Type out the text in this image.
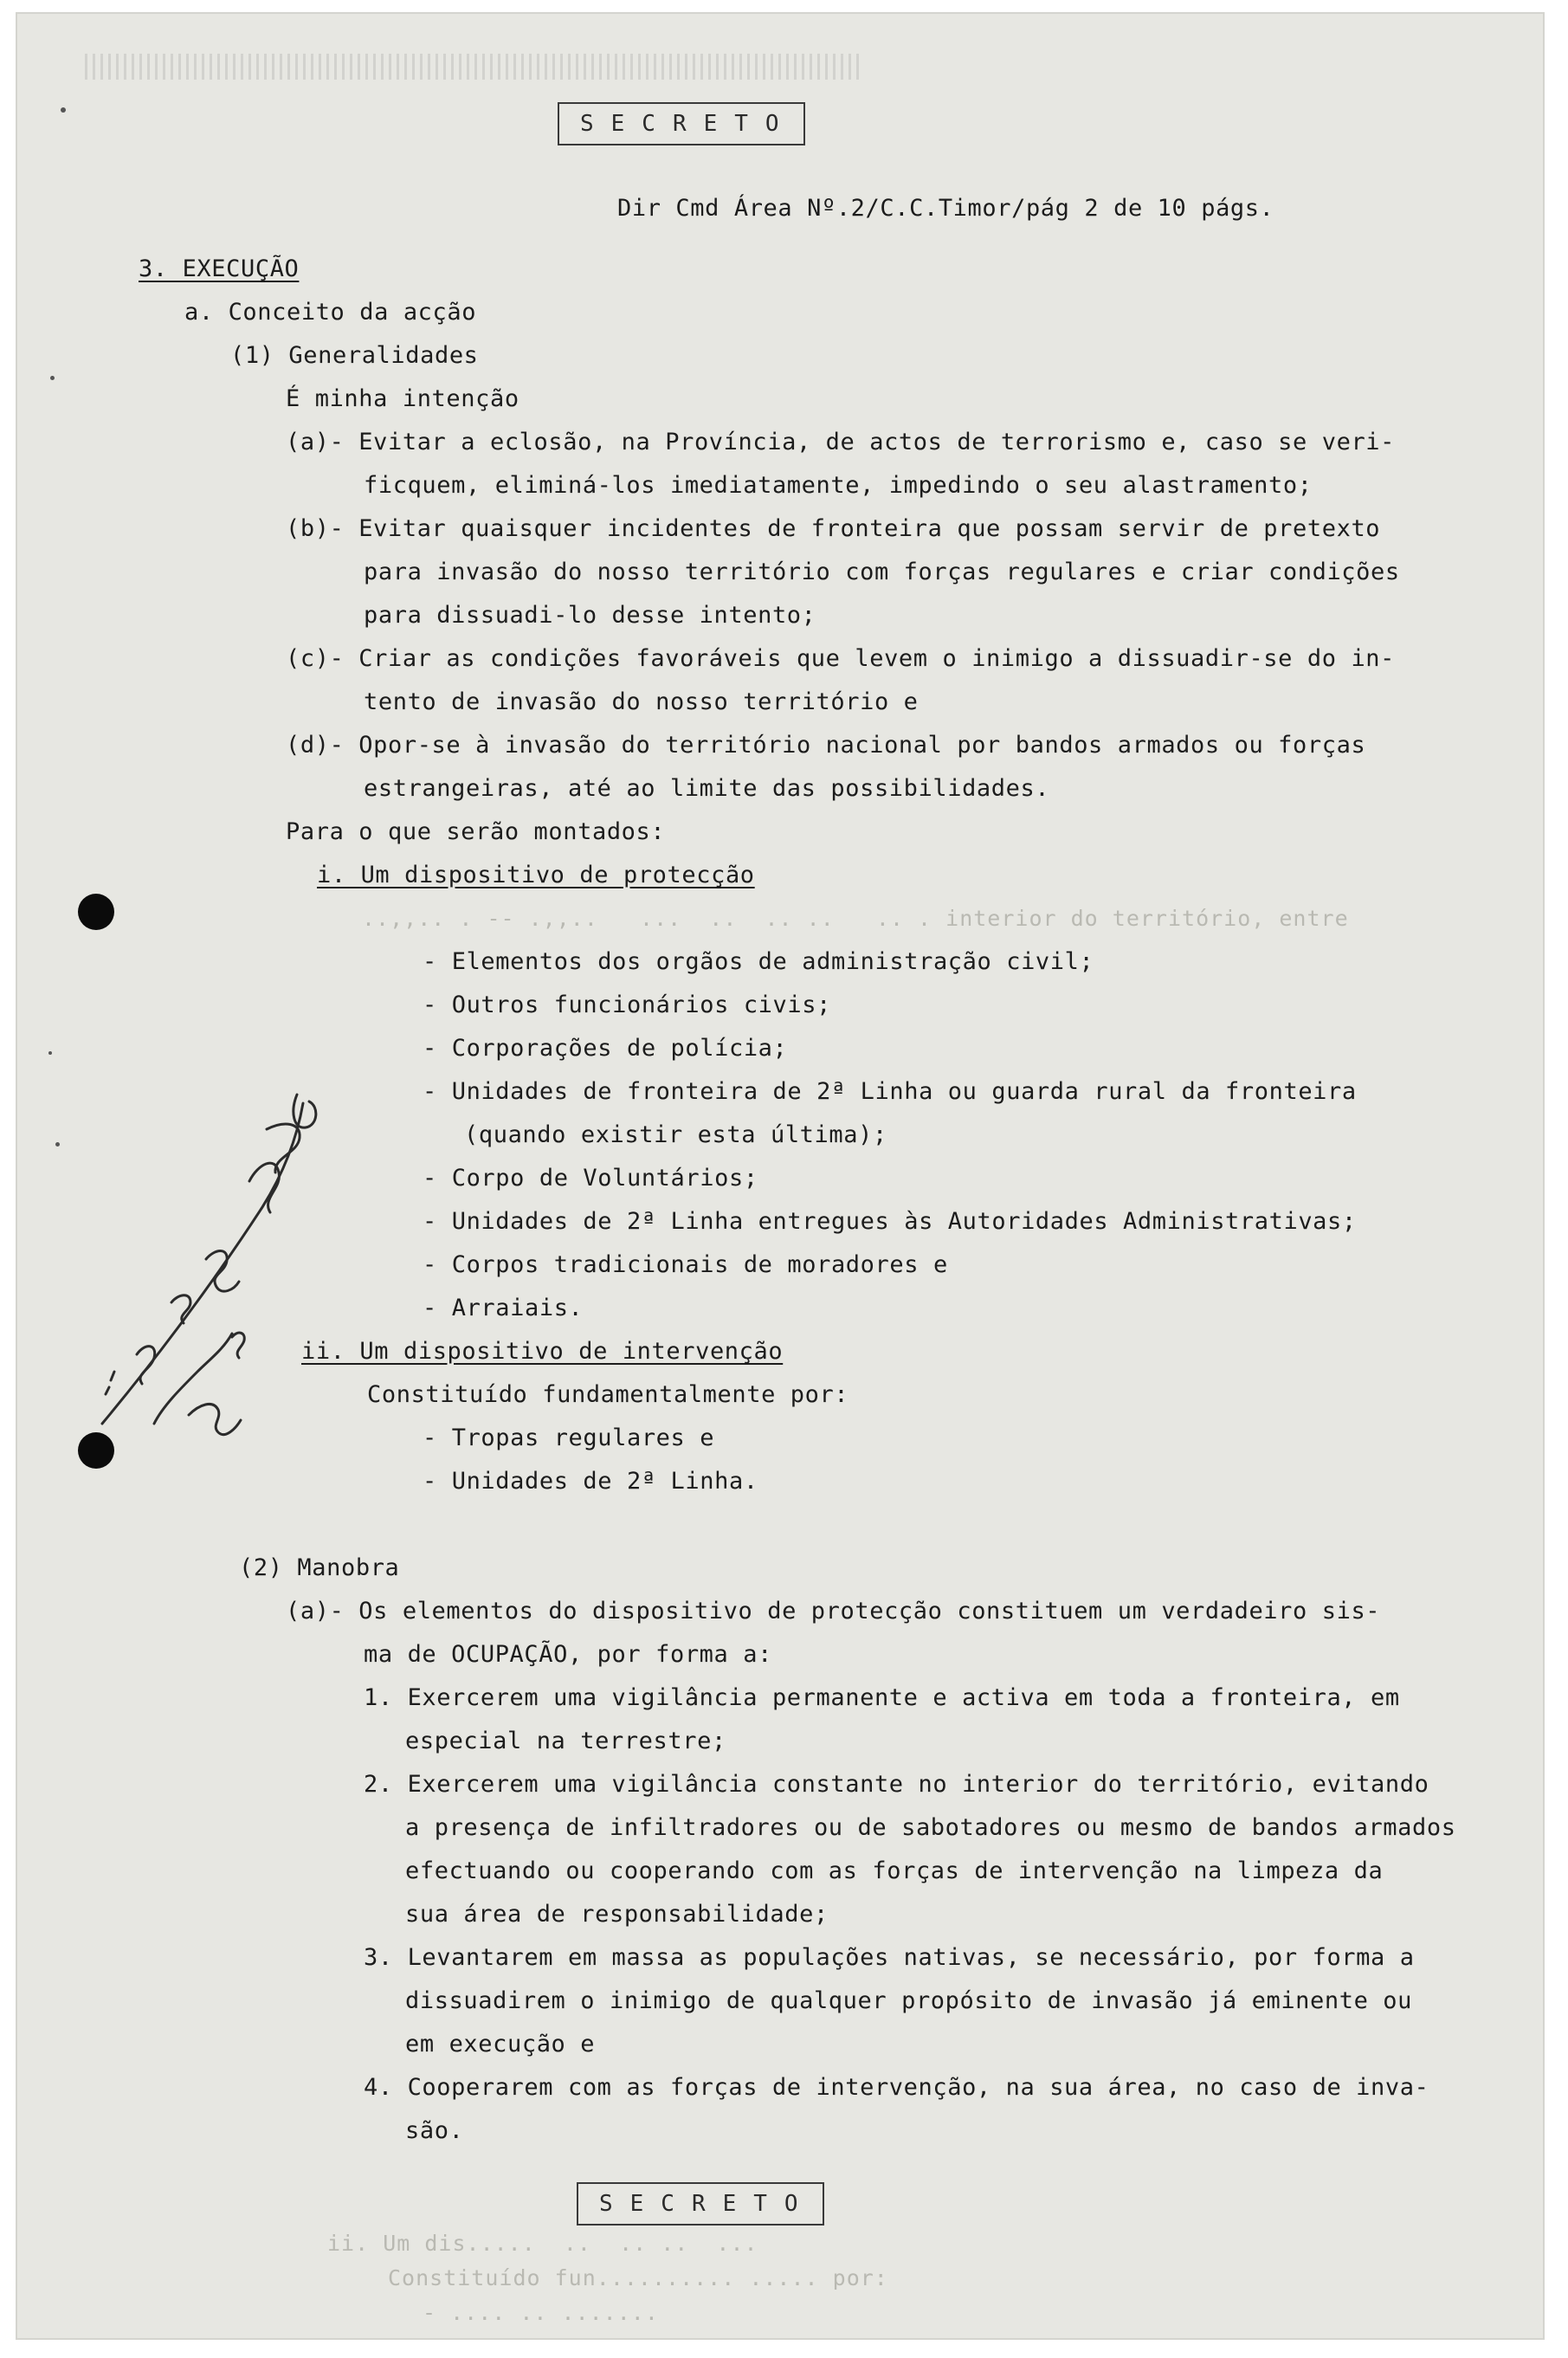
SECRETO
Dir Cmd Área Nº.2/C.C.Timor/pág 2 de 10 págs.
3. EXECUÇÃO
a. Conceito da acção
(1) Generalidades
É minha intenção
(a)- Evitar a eclosão, na Província, de actos de terrorismo e, caso se veri-
ficquem, eliminá-los imediatamente, impedindo o seu alastramento;
(b)- Evitar quaisquer incidentes de fronteira que possam servir de pretexto
para invasão do nosso território com forças regulares e criar condições
para dissuadi-lo desse intento;
(c)- Criar as condições favoráveis que levem o inimigo a dissuadir-se do in-
tento de invasão do nosso território e
(d)- Opor-se à invasão do território nacional por bandos armados ou forças
estrangeiras, até ao limite das possibilidades.
Para o que serão montados:
i. Um dispositivo de protecção
..,,.. . -- .,,..   ...  ..  .. ..   .. . interior do território, entre
- Elementos dos orgãos de administração civil;
- Outros funcionários civis;
- Corporações de polícia;
- Unidades de fronteira de 2ª Linha ou guarda rural da fronteira
(quando existir esta última);
- Corpo de Voluntários;
- Unidades de 2ª Linha entregues às Autoridades Administrativas;
- Corpos tradicionais de moradores e
- Arraiais.
ii. Um dispositivo de intervenção
Constituído fundamentalmente por:
- Tropas regulares e
- Unidades de 2ª Linha.
(2) Manobra
(a)- Os elementos do dispositivo de protecção constituem um verdadeiro sis-
ma de OCUPAÇÃO, por forma a:
1. Exercerem uma vigilância permanente e activa em toda a fronteira, em
especial na terrestre;
2. Exercerem uma vigilância constante no interior do território, evitando
a presença de infiltradores ou de sabotadores ou mesmo de bandos armados
efectuando ou cooperando com as forças de intervenção na limpeza da
sua área de responsabilidade;
3. Levantarem em massa as populações nativas, se necessário, por forma a
dissuadirem o inimigo de qualquer propósito de invasão já eminente ou
em execução e
4. Cooperarem com as forças de intervenção, na sua área, no caso de inva-
são.
SECRETO
ii. Um dis.....  ..  .. ..  ...
Constituído fun.......... ..... por:
- .... .. .......
